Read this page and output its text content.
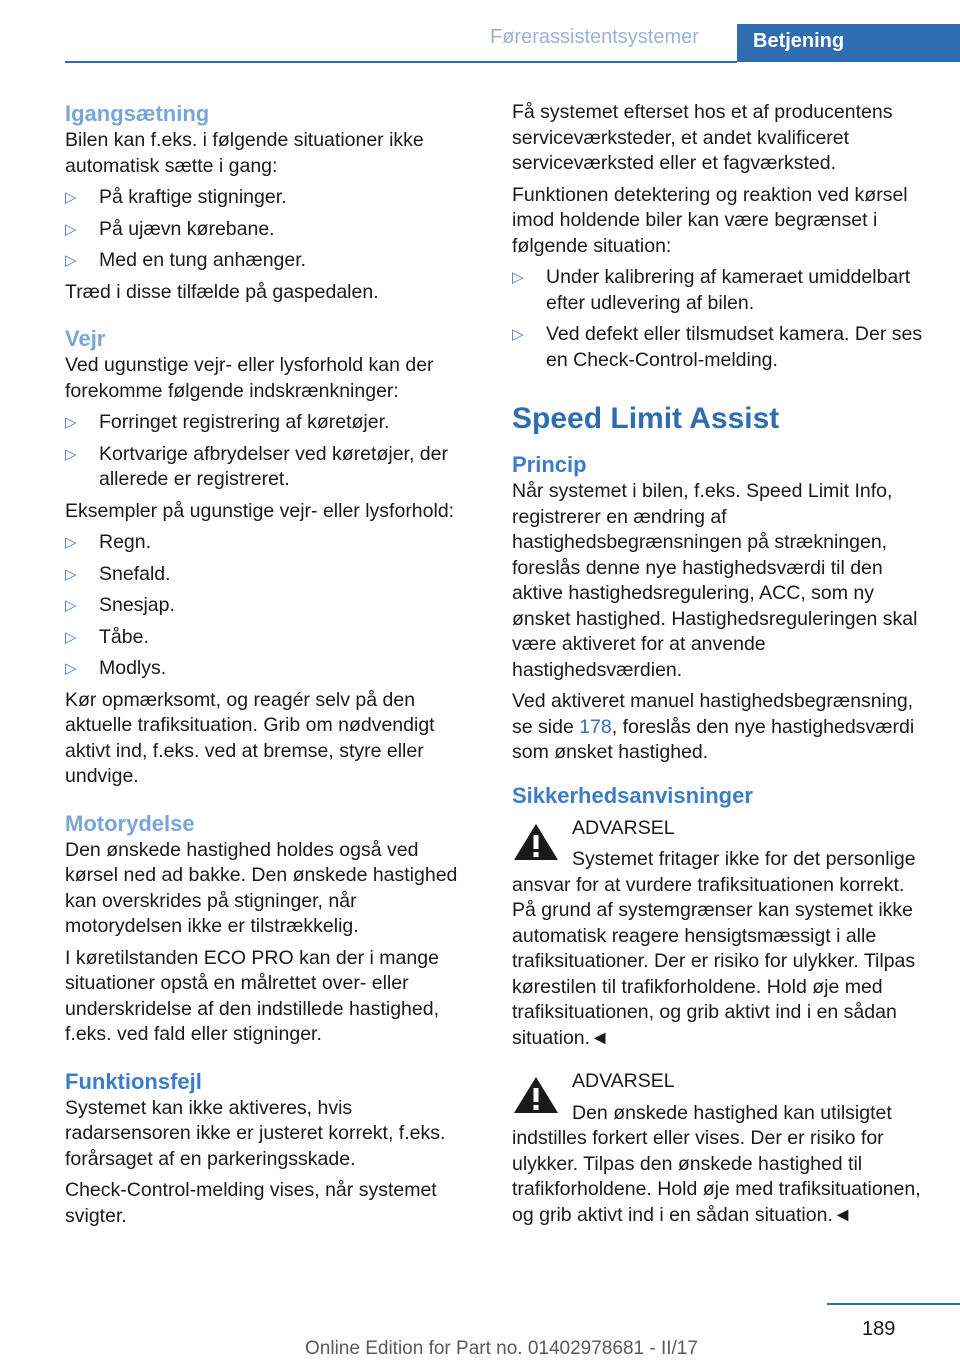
Førerassistentsystemer	Betjening
Igangsætning

Bilen kan f.eks. i følgende situationer ikke automatisk sætte i gang:

▷ På kraftige stigninger.
▷ På ujævn kørebane.
▷ Med en tung anhænger.

Træd i disse tilfælde på gaspedalen.

Vejr

Ved ugunstige vejr- eller lysforhold kan der forekomme følgende indskrænkninger:

▷ Forringet registrering af køretøjer.
▷ Kortvarige afbrydelser ved køretøjer, der allerede er registreret.

Eksempler på ugunstige vejr- eller lysforhold:

▷ Regn.
▷ Snefald.
▷ Snesjap.
▷ Tåbe.
▷ Modlys.

Kør opmærksomt, og reagér selv på den aktuelle trafiksituation. Grib om nødvendigt aktivt ind, f.eks. ved at bremse, styre eller undvige.

Motorydelse

Den ønskede hastighed holdes også ved kørsel ned ad bakke. Den ønskede hastighed kan overskrides på stigninger, når motorydelsen ikke er tilstrækkelig.

I køretilstanden ECO PRO kan der i mange situationer opstå en målrettet over- eller underskridelse af den indstillede hastighed, f.eks. ved fald eller stigninger.

Funktionsfejl

Systemet kan ikke aktiveres, hvis radarsensoren ikke er justeret korrekt, f.eks. forårsaget af en parkeringsskade.

Check-Control-melding vises, når systemet svigter.

Få systemet efterset hos et af producentens serviceværksteder, et andet kvalificeret serviceværksted eller et fagværksted.

Funktionen detektering og reaktion ved kørsel imod holdende biler kan være begrænset i følgende situation:

▷ Under kalibrering af kameraet umiddelbart efter udlevering af bilen.
▷ Ved defekt eller tilsmudset kamera. Der ses en Check-Control-melding.
Speed Limit Assist
Princip

Når systemet i bilen, f.eks. Speed Limit Info, registrerer en ændring af hastighedsbegrænsningen på strækningen, foreslås denne nye hastighedsværdi til den aktive hastighedsregulering, ACC, som ny ønsket hastighed. Hastighedsreguleringen skal være aktiveret for at anvende hastighedsværdien.

Ved aktiveret manuel hastighedsbegrænsning, se side 178, foreslås den nye hastighedsværdi som ønsket hastighed.

Sikkerhedsanvisninger
ADVARSEL
Systemet fritager ikke for det personlige ansvar for at vurdere trafiksituationen korrekt. På grund af systemgrænser kan systemet ikke automatisk reagere hensigtsmæssigt i alle trafiksituationer. Der er risiko for ulykker. Tilpas kørestilen til trafikforholdene. Hold øje med trafiksituationen, og grib aktivt ind i en sådan situation.◄
ADVARSEL
Den ønskede hastighed kan utilsigtet indstilles forkert eller vises. Der er risiko for ulykker. Tilpas den ønskede hastighed til trafikforholdene. Hold øje med trafiksituationen, og grib aktivt ind i en sådan situation.◄
189
Online Edition for Part no. 01402978681 - II/17
